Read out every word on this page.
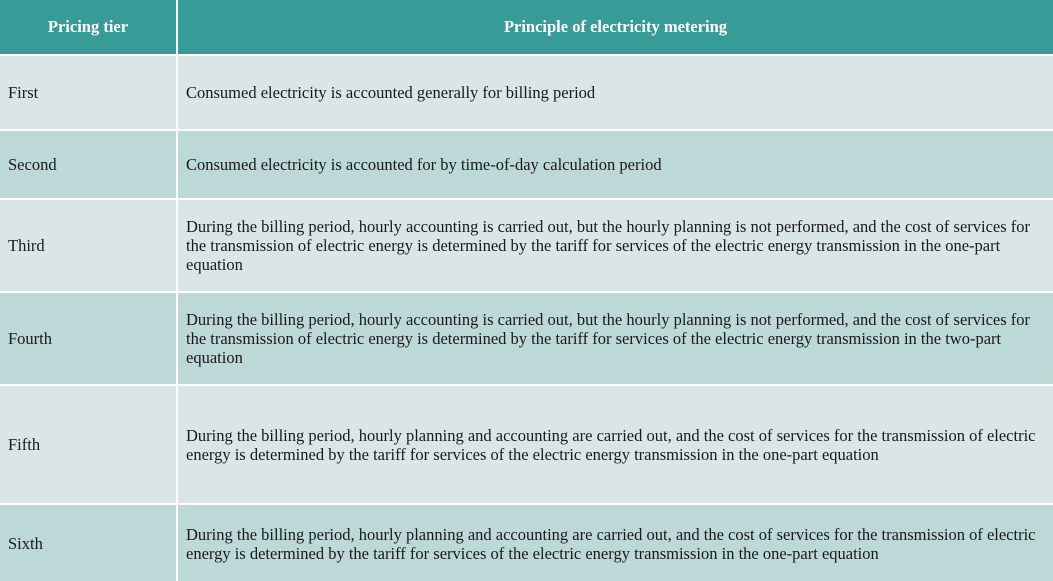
Pricing tier	Principle of electricity metering
First	Consumed electricity is accounted generally for billing period
Second	Consumed electricity is accounted for by time-of-day calculation period
Third	During the billing period, hourly accounting is carried out, but the hourly planning is not performed, and the cost of services for the transmission of electric energy is determined by the tariff for services of the electric energy transmission in the one-part equation
Fourth	During the billing period, hourly accounting is carried out, but the hourly planning is not performed, and the cost of services for the transmission of electric energy is determined by the tariff for services of the electric energy transmission in the two-part equation
Fifth	During the billing period, hourly planning and accounting are carried out, and the cost of services for the transmission of electric energy is determined by the tariff for services of the electric energy transmission in the one-part equation
Sixth	During the billing period, hourly planning and accounting are carried out, and the cost of services for the transmission of electric energy is determined by the tariff for services of the electric energy transmission in the one-part equation
